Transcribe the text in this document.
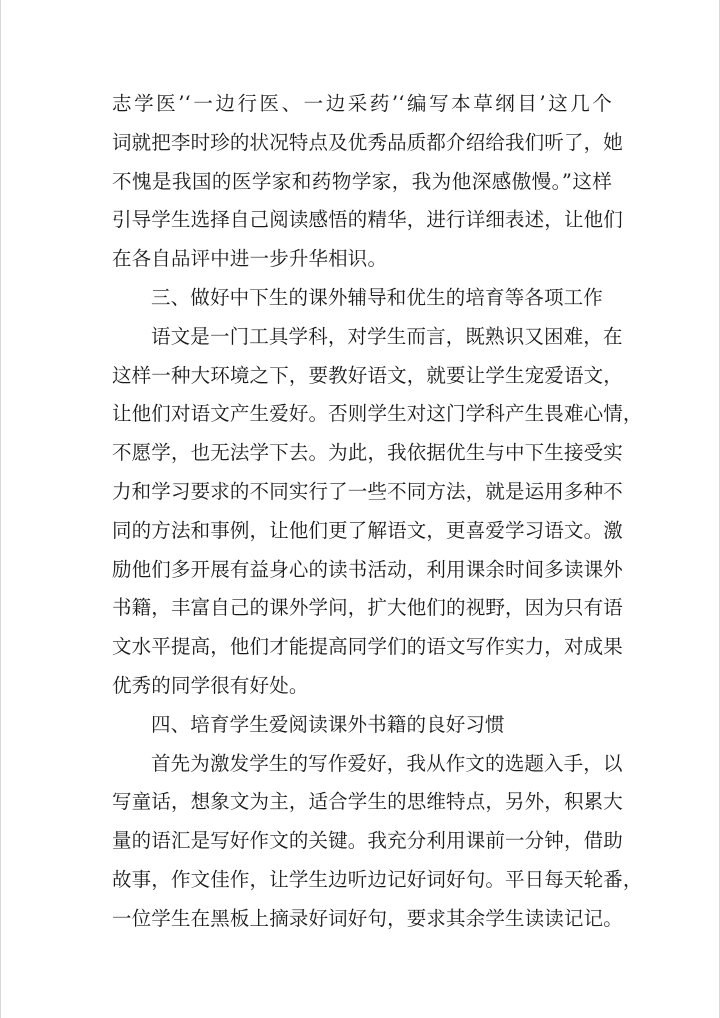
志学医’‘一边行医、一边采药’‘编写本草纲目’这几个
词就把李时珍的状况特点及优秀品质都介绍给我们听了，她
不愧是我国的医学家和药物学家，我为他深感傲慢。”这样
引导学生选择自己阅读感悟的精华，进行详细表述，让他们
在各自品评中进一步升华相识。
三、做好中下生的课外辅导和优生的培育等各项工作
语文是一门工具学科，对学生而言，既熟识又困难，在
这样一种大环境之下，要教好语文，就要让学生宠爱语文，
让他们对语文产生爱好。否则学生对这门学科产生畏难心情，
不愿学，也无法学下去。为此，我依据优生与中下生接受实
力和学习要求的不同实行了一些不同方法，就是运用多种不
同的方法和事例，让他们更了解语文，更喜爱学习语文。激
励他们多开展有益身心的读书活动，利用课余时间多读课外
书籍，丰富自己的课外学问，扩大他们的视野，因为只有语
文水平提高，他们才能提高同学们的语文写作实力，对成果
优秀的同学很有好处。
四、培育学生爱阅读课外书籍的良好习惯
首先为激发学生的写作爱好，我从作文的选题入手，以
写童话，想象文为主，适合学生的思维特点，另外，积累大
量的语汇是写好作文的关键。我充分利用课前一分钟，借助
故事，作文佳作，让学生边听边记好词好句。平日每天轮番，
一位学生在黑板上摘录好词好句，要求其余学生读读记记。
